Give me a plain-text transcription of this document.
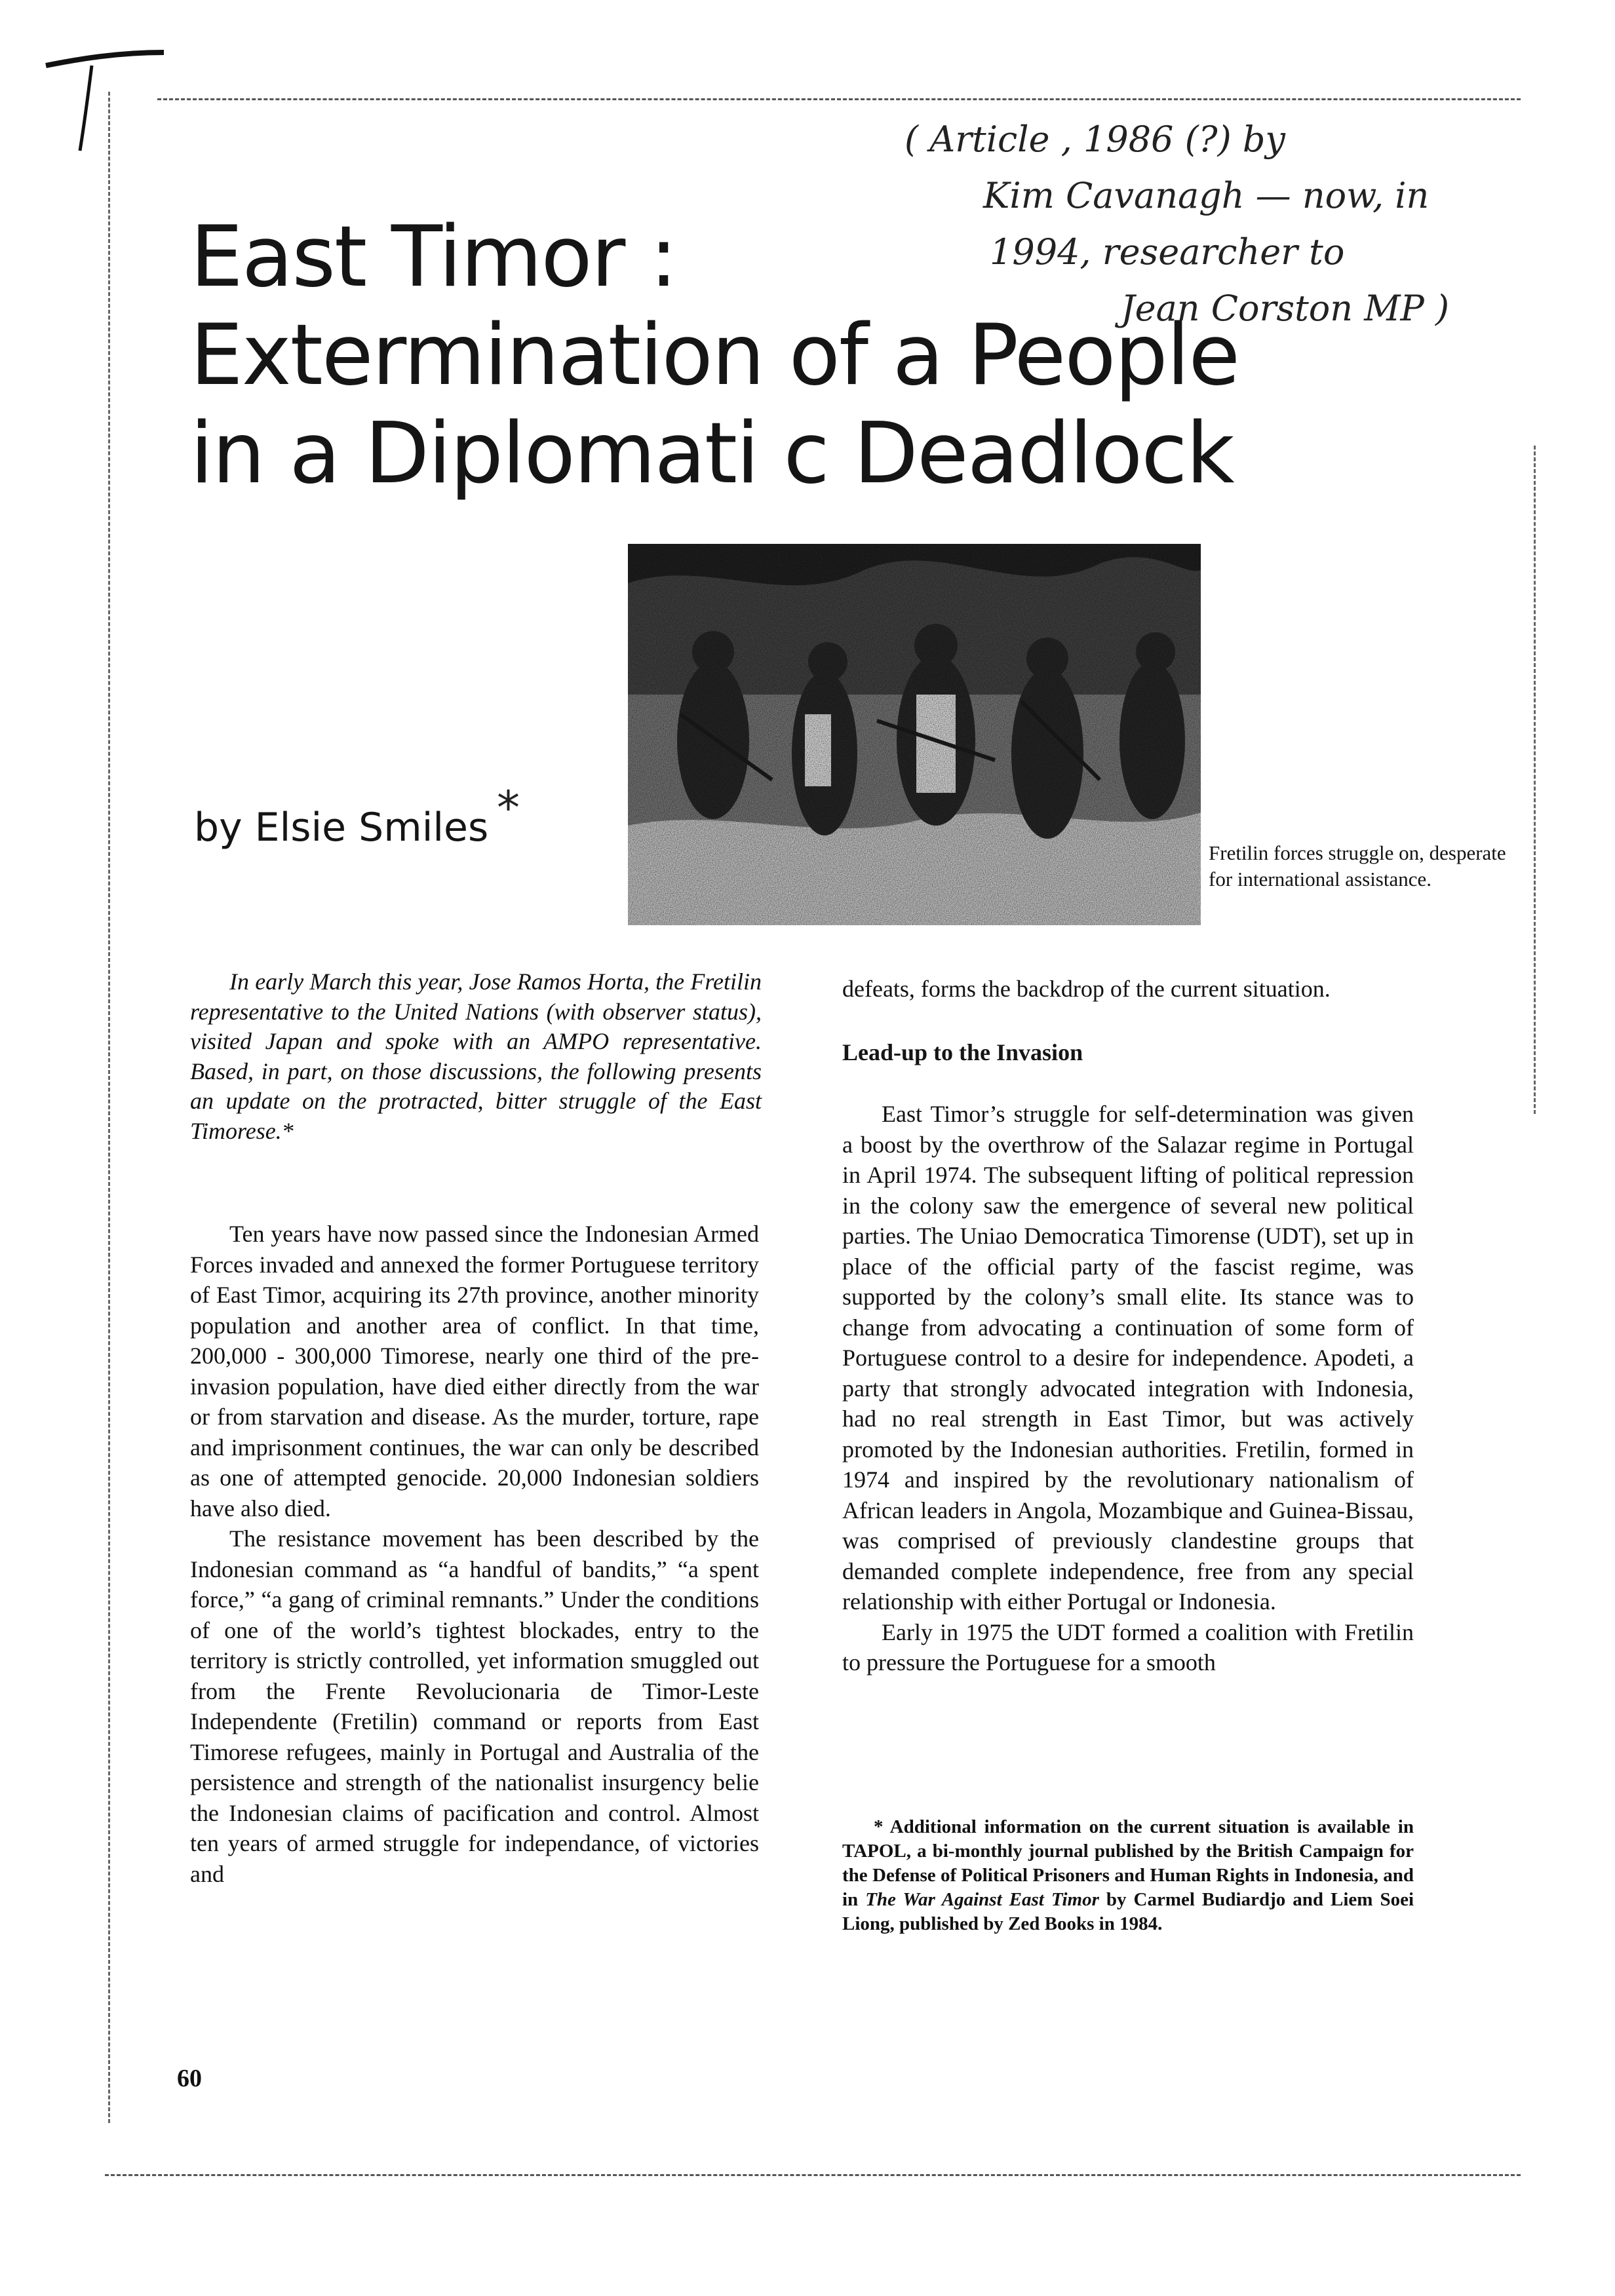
( Article , 1986 (?) by
Kim Cavanagh — now, in
1994, researcher to
Jean Corston MP )
East Timor :
Extermination of a People
in a Diplomati c Deadlock
by Elsie Smiles *
Fretilin forces struggle on, desperate for international assistance.

In early March this year, Jose Ramos Horta, the Fretilin representative to the United Nations (with observer status), visited Japan and spoke with an AMPO representative. Based, in part, on those discussions, the following presents an update on the protracted, bitter struggle of the East Timorese.*

Ten years have now passed since the Indonesian Armed Forces invaded and annexed the former Portuguese territory of East Timor, acquiring its 27th province, another minority population and another area of conflict. In that time, 200,000 - 300,000 Timorese, nearly one third of the pre-invasion population, have died either directly from the war or from starvation and disease. As the murder, torture, rape and imprisonment continues, the war can only be described as one of attempted genocide. 20,000 Indonesian soldiers have also died.

The resistance movement has been described by the Indonesian command as “a handful of bandits,” “a spent force,” “a gang of criminal remnants.” Under the conditions of one of the world’s tightest blockades, entry to the territory is strictly controlled, yet information smuggled out from the Frente Revolucionaria de Timor-Leste Independente (Fretilin) command or reports from East Timorese refugees, mainly in Portugal and Australia of the persistence and strength of the nationalist insurgency belie the Indonesian claims of pacification and control. Almost ten years of armed struggle for independance, of victories and

defeats, forms the backdrop of the current situation.

Lead-up to the Invasion

East Timor’s struggle for self-determination was given a boost by the overthrow of the Salazar regime in Portugal in April 1974. The subsequent lifting of political repression in the colony saw the emergence of several new political parties. The Uniao Democratica Timorense (UDT), set up in place of the official party of the fascist regime, was supported by the colony’s small elite. Its stance was to change from advocating a continuation of some form of Portuguese control to a desire for independence. Apodeti, a party that strongly advocated integration with Indonesia, had no real strength in East Timor, but was actively promoted by the Indonesian authorities. Fretilin, formed in 1974 and inspired by the revolutionary nationalism of African leaders in Angola, Mozambique and Guinea-Bissau, was comprised of previously clandestine groups that demanded complete independence, free from any special relationship with either Portugal or Indonesia.

Early in 1975 the UDT formed a coalition with Fretilin to pressure the Portuguese for a smooth

* Additional information on the current situation is available in TAPOL, a bi-monthly journal published by the British Campaign for the Defense of Political Prisoners and Human Rights in Indonesia, and in The War Against East Timor by Carmel Budiardjo and Liem Soei Liong, published by Zed Books in 1984.

60
